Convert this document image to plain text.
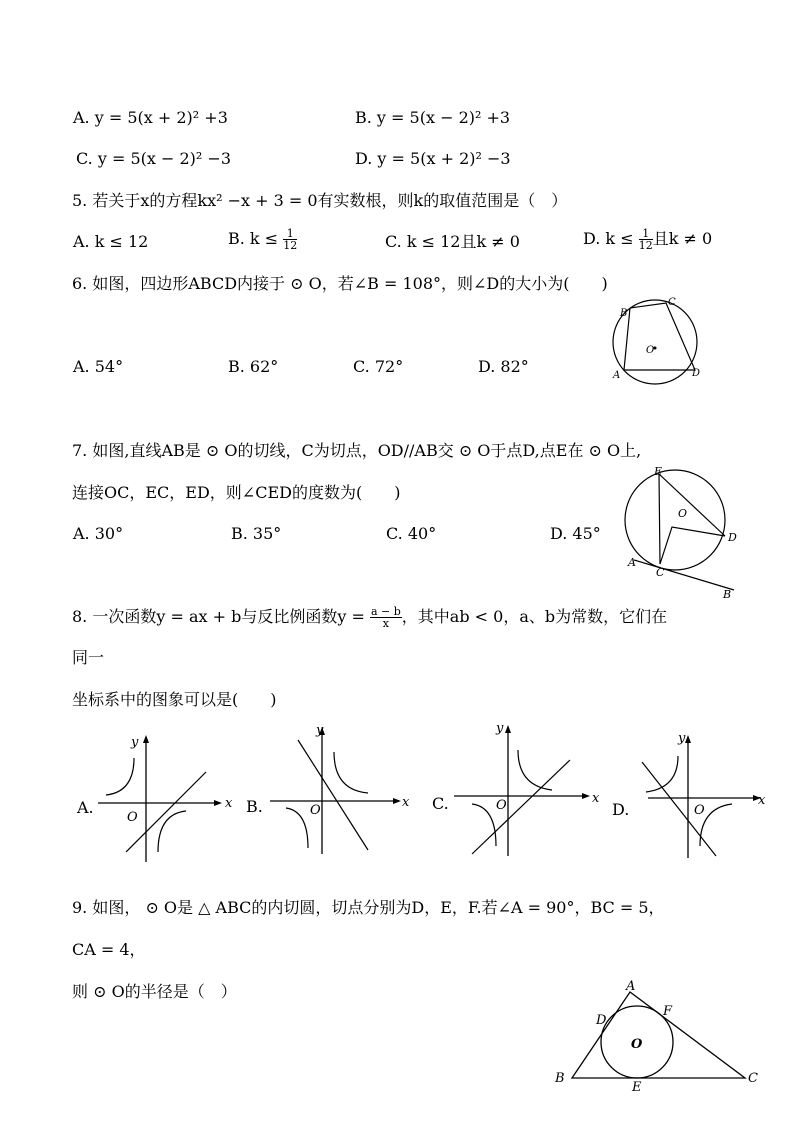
A. y = 5(x + 2)² +3	B. y = 5(x − 2)² +3
C. y = 5(x − 2)² −3	D. y = 5(x + 2)² −3
5. 若关于x的方程kx² −x + 3 = 0有实数根，则k的取值范围是（　）
A. k ≤ 12	B. $k \le \frac{1}{12}$	C. k ≤ 12且k ≠ 0	D. $k \le \frac{1}{12}$ 且k ≠ 0
6. 如图，四边形ABCD内接于 ⊙ O，若∠B = 108°，则∠D的大小为(　　)
A. 54°	B. 62°	C. 72°	D. 82°
B
C
A	D
O
7. 如图,直线AB是 ⊙ O的切线，C为切点，OD//AB交 ⊙ O于点D,点E在 ⊙ O上,
连接OC，EC，ED，则∠CED的度数为(　　)
A. 30°	B. 35°	C. 40°	D. 45°
E
O
D
A
C
B
8. 一次函数y = ax + b与反比例函数$y = \frac{a - b}{x}$ ，其中ab < 0，a、b为常数，它们在
同一
坐标系中的图象可以是(　　)
A.	x
y
O
B.	x
y
O	C.	x
y
O	D.	x
y
O
9. 如图， ⊙ O是 △ ABC的内切圆，切点分别为D，E，F.若∠A = 90°，BC = 5，
CA = 4，
则 ⊙ O的半径是（　）	A
F
D
O
B	C
E
